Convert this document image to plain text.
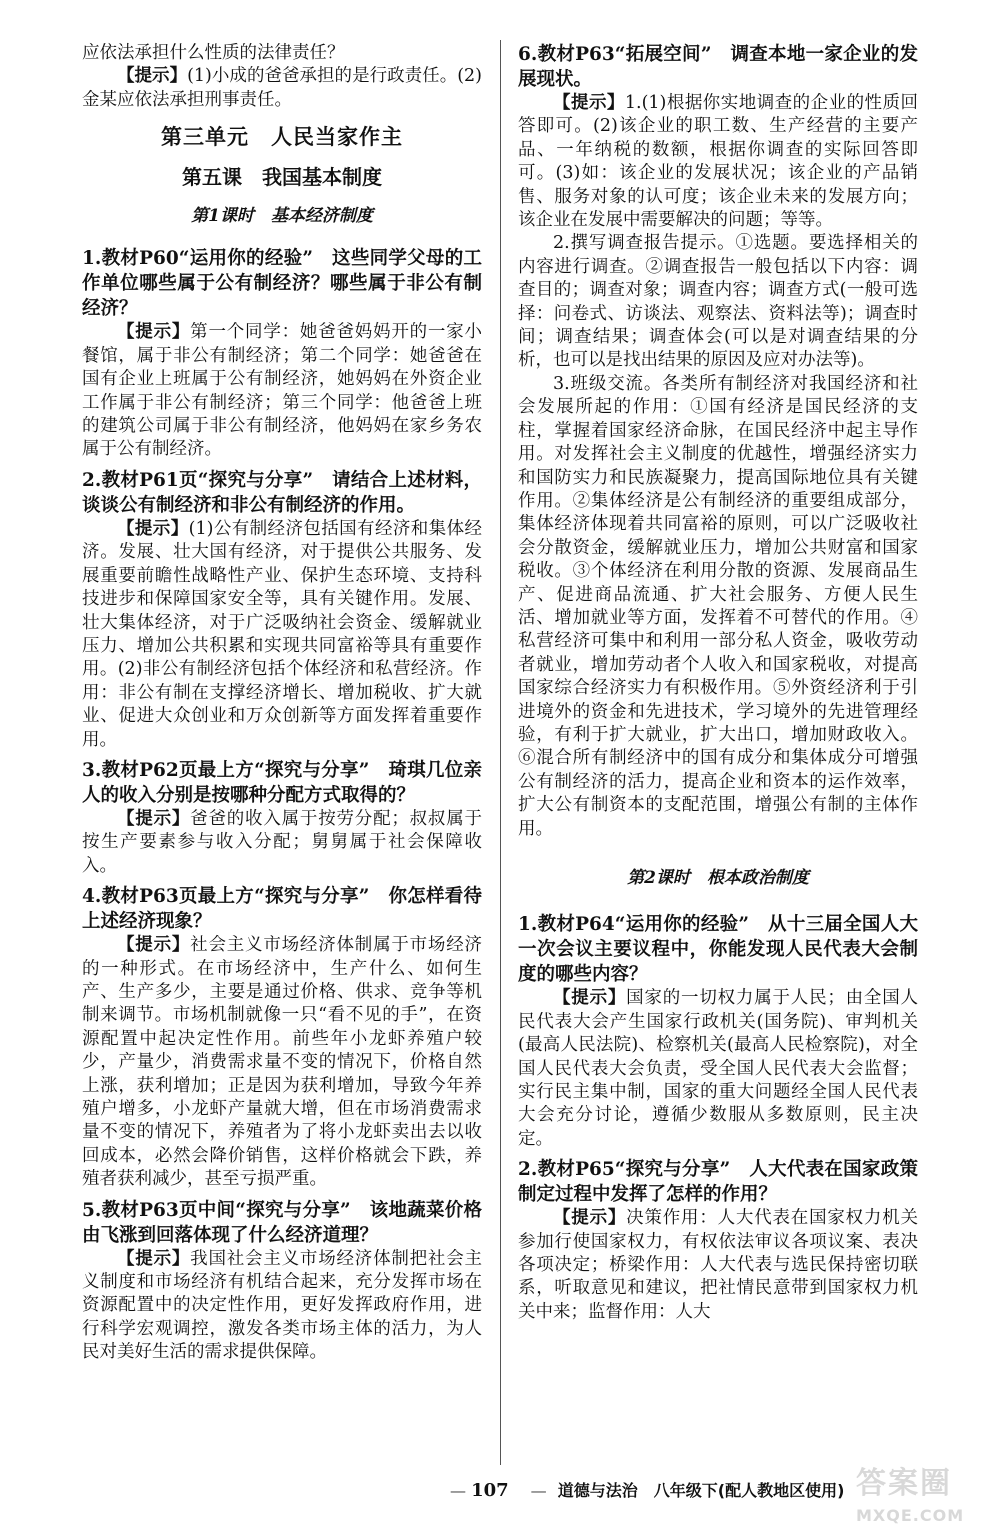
应依法承担什么性质的法律责任？

【提示】(1)小成的爸爸承担的是行政责任。(2)金某应依法承担刑事责任。

第三单元　人民当家作主
第五课　我国基本制度
第1课时　基本经济制度

1.教材P60“运用你的经验”　这些同学父母的工作单位哪些属于公有制经济？哪些属于非公有制经济？

【提示】第一个同学：她爸爸妈妈开的一家小餐馆，属于非公有制经济；第二个同学：她爸爸在国有企业上班属于公有制经济，她妈妈在外资企业工作属于非公有制经济；第三个同学：他爸爸上班的建筑公司属于非公有制经济，他妈妈在家乡务农属于公有制经济。

2.教材P61页“探究与分享”　请结合上述材料，谈谈公有制经济和非公有制经济的作用。

【提示】(1)公有制经济包括国有经济和集体经济。发展、壮大国有经济，对于提供公共服务、发展重要前瞻性战略性产业、保护生态环境、支持科技进步和保障国家安全等，具有关键作用。发展、壮大集体经济，对于广泛吸纳社会资金、缓解就业压力、增加公共积累和实现共同富裕等具有重要作用。(2)非公有制经济包括个体经济和私营经济。作用：非公有制在支撑经济增长、增加税收、扩大就业、促进大众创业和万众创新等方面发挥着重要作用。

3.教材P62页最上方“探究与分享”　琦琪几位亲人的收入分别是按哪种分配方式取得的？

【提示】爸爸的收入属于按劳分配；叔叔属于按生产要素参与收入分配；舅舅属于社会保障收入。

4.教材P63页最上方“探究与分享”　你怎样看待上述经济现象？

【提示】社会主义市场经济体制属于市场经济的一种形式。在市场经济中，生产什么、如何生产、生产多少，主要是通过价格、供求、竞争等机制来调节。市场机制就像一只“看不见的手”，在资源配置中起决定性作用。前些年小龙虾养殖户较少，产量少，消费需求量不变的情况下，价格自然上涨，获利增加；正是因为获利增加，导致今年养殖户增多，小龙虾产量就大增，但在市场消费需求量不变的情况下，养殖者为了将小龙虾卖出去以收回成本，必然会降价销售，这样价格就会下跌，养殖者获利减少，甚至亏损严重。

5.教材P63页中间“探究与分享”　该地蔬菜价格由飞涨到回落体现了什么经济道理？

【提示】我国社会主义市场经济体制把社会主义制度和市场经济有机结合起来，充分发挥市场在资源配置中的决定性作用，更好发挥政府作用，进行科学宏观调控，激发各类市场主体的活力，为人民对美好生活的需求提供保障。

6.教材P63“拓展空间”　调查本地一家企业的发展现状。

【提示】1.(1)根据你实地调查的企业的性质回答即可。(2)该企业的职工数、生产经营的主要产品、一年纳税的数额，根据你调查的实际回答即可。(3)如：该企业的发展状况；该企业的产品销售、服务对象的认可度；该企业未来的发展方向；该企业在发展中需要解决的问题；等等。

2.撰写调查报告提示。①选题。要选择相关的内容进行调查。②调查报告一般包括以下内容：调查目的；调查对象；调查内容；调查方式(一般可选择：问卷式、访谈法、观察法、资料法等)；调查时间；调查结果；调查体会(可以是对调查结果的分析，也可以是找出结果的原因及应对办法等)。

3.班级交流。各类所有制经济对我国经济和社会发展所起的作用：①国有经济是国民经济的支柱，掌握着国家经济命脉，在国民经济中起主导作用。对发挥社会主义制度的优越性，增强经济实力和国防实力和民族凝聚力，提高国际地位具有关键作用。②集体经济是公有制经济的重要组成部分，集体经济体现着共同富裕的原则，可以广泛吸收社会分散资金，缓解就业压力，增加公共财富和国家税收。③个体经济在利用分散的资源、发展商品生产、促进商品流通、扩大社会服务、方便人民生活、增加就业等方面，发挥着不可替代的作用。④私营经济可集中和利用一部分私人资金，吸收劳动者就业，增加劳动者个人收入和国家税收，对提高国家综合经济实力有积极作用。⑤外资经济利于引进境外的资金和先进技术，学习境外的先进管理经验，有利于扩大就业，扩大出口，增加财政收入。⑥混合所有制经济中的国有成分和集体成分可增强公有制经济的活力，提高企业和资本的运作效率，扩大公有制资本的支配范围，增强公有制的主体作用。

第2课时　根本政治制度

1.教材P64“运用你的经验”　从十三届全国人大一次会议主要议程中，你能发现人民代表大会制度的哪些内容？

【提示】国家的一切权力属于人民；由全国人民代表大会产生国家行政机关(国务院)、审判机关(最高人民法院)、检察机关(最高人民检察院)，对全国人民代表大会负责，受全国人民代表大会监督；实行民主集中制，国家的重大问题经全国人民代表大会充分讨论，遵循少数服从多数原则，民主决定。

2.教材P65“探究与分享”　人大代表在国家政策制定过程中发挥了怎样的作用？

【提示】决策作用：人大代表在国家权力机关参加行使国家权力，有权依法审议各项议案、表决各项决定；桥梁作用：人大代表与选民保持密切联系，听取意见和建议，把社情民意带到国家权力机关中来；监督作用：人大

— 107 — 道德与法治　八年级下(配人教地区使用) 答案圈
MXQE.COM
